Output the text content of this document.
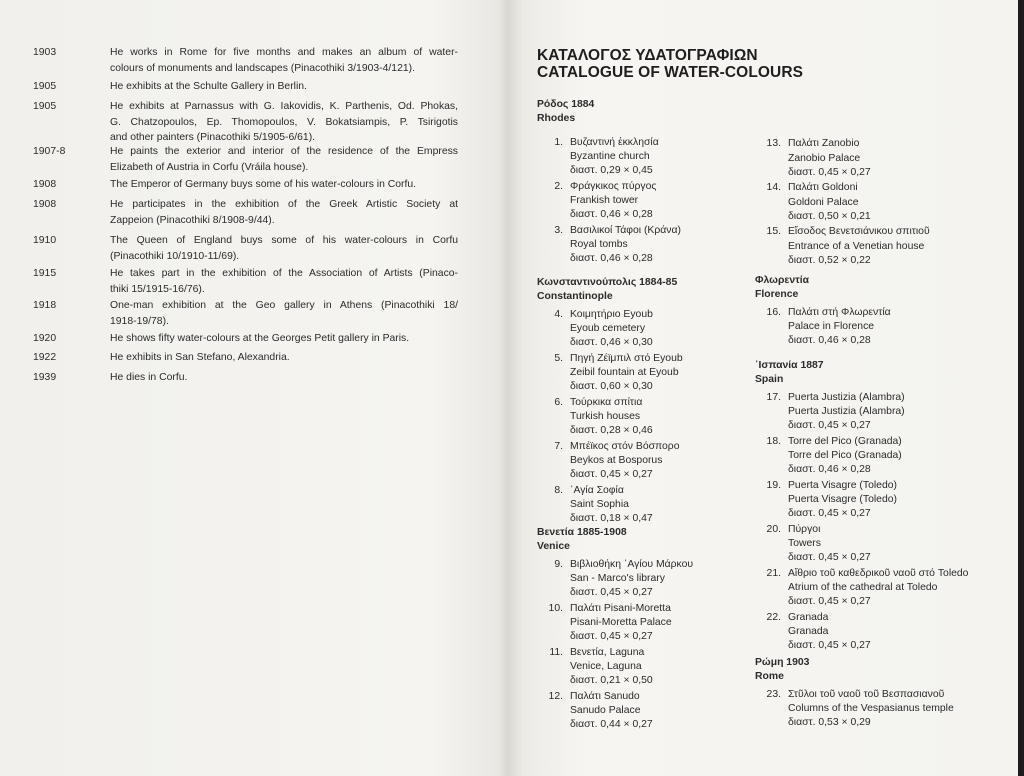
ΚΑΤΑΛΟΓΟΣ ΥΔΑΤΟΓΡΑΦΙΩΝ
CATALOGUE OF WATER-COLOURS
1903	He works in Rome for five months and makes an album of water-
colours of monuments and landscapes (Pinacothiki 3/1903-4/121).
1905	He exhibits at the Schulte Gallery in Berlin.
1905	He exhibits at Parnassus with G. Iakovidis, K. Parthenis, Od. Phokas,
G. Chatzopoulos, Ep. Thomopoulos, V. Bokatsiampis, P. Tsirigotis
and other painters (Pinacothiki 5/1905-6/61).
1907-8	He paints the exterior and interior of the residence of the Empress
Elizabeth of Austria in Corfu (Vráila house).
1908	The Emperor of Germany buys some of his water-colours in Corfu.
1908	He participates in the exhibition of the Greek Artistic Society at
Zappeion (Pinacothiki 8/1908-9/44).
1910	The Queen of England buys some of his water-colours in Corfu
(Pinacothiki 10/1910-11/69).
1915	He takes part in the exhibition of the Association of Artists (Pinaco-
thiki 15/1915-16/76).
1918	One-man exhibition at the Geo gallery in Athens (Pinacothiki 18/
1918-19/78).
1920	He shows fifty water-colours at the Georges Petit gallery in Paris.
1922	He exhibits in San Stefano, Alexandria.
1939	He dies in Corfu.
Ρόδος 1884
Rhodes
1. Βυζαντινή ἐκκλησία
Byzantine church
διαστ. 0,29 × 0,45
2. Φράγκικος πύργος
Frankish tower
διαστ. 0,46 × 0,28
3. Βασιλικοί Τάφοι (Κράνα)
Royal tombs
διαστ. 0,46 × 0,28
Κωνσταντινούπολις 1884-85
Constantinople
4. Κοιμητήριο Eyoub
Eyoub cemetery
διαστ. 0,46 × 0,30
5. Πηγή Ζέϊμπιλ στό Eyoub
Zeibil fountain at Eyoub
διαστ. 0,60 × 0,30
6. Τούρκικα σπίτια
Turkish houses
διαστ. 0,28 × 0,46
7. Μπέϊκος στόν Βόσπορο
Beykos at Bosporus
διαστ. 0,45 × 0,27
8. ῾Αγία Σοφία
Saint Sophia
διαστ. 0,18 × 0,47
Βενετία 1885-1908
Venice
9. Βιβλιοθήκη ῾Αγίου Μάρκου
San - Marco's library
διαστ. 0,45 × 0,27
10. Παλάτι Pisani-Moretta
Pisani-Moretta Palace
διαστ. 0,45 × 0,27
11. Βενετία, Laguna
Venice, Laguna
διαστ. 0,21 × 0,50
12. Παλάτι Sanudo
Sanudo Palace
διαστ. 0,44 × 0,27
13. Παλάτι Zanobio
Zanobio Palace
διαστ. 0,45 × 0,27
14. Παλάτι Goldoni
Goldoni Palace
διαστ. 0,50 × 0,21
15. Εἴσοδος Βενετσιάνικου σπιτιοῦ
Entrance of a Venetian house
διαστ. 0,52 × 0,22
Φλωρεντία
Florence
16. Παλάτι στή Φλωρεντία
Palace in Florence
διαστ. 0,46 × 0,28
῾Ισπανία 1887
Spain
17. Puerta Justizia (Alambra)
Puerta Justizia (Alambra)
διαστ. 0,45 × 0,27
18. Torre del Pico (Granada)
Torre del Pico (Granada)
διαστ. 0,46 × 0,28
19. Puerta Visagre (Toledo)
Puerta Visagre (Toledo)
διαστ. 0,45 × 0,27
20. Πύργοι
Towers
διαστ. 0,45 × 0,27
21. Αἴθριο τοῦ καθεδρικοῦ ναοῦ στό Toledo
Atrium of the cathedral at Toledo
διαστ. 0,45 × 0,27
22. Granada
Granada
διαστ. 0,45 × 0,27
Ρώμη 1903
Rome
23. Στῦλοι τοῦ ναοῦ τοῦ Βεσπασιανοῦ
Columns of the Vespasianus temple
διαστ. 0,53 × 0,29
